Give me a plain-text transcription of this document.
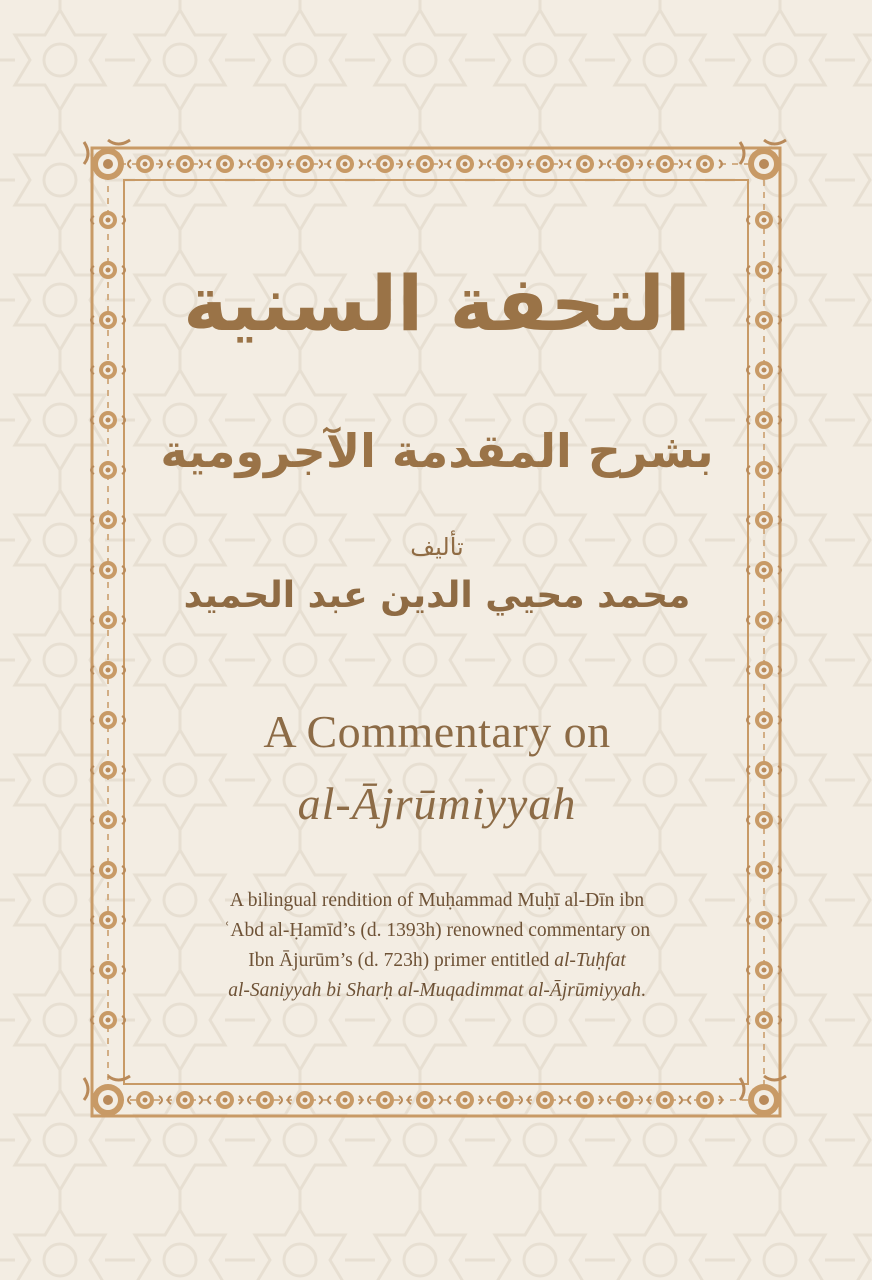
التحفة السنية
بشرح المقدمة الآجرومية
تأليف
محمد محيي الدين عبد الحميد
A Commentary on
al-Ājrūmiyyah
A bilingual rendition of Muḥammad Muḥī al-Dīn ibn
ʿAbd al-Ḥamīd’s (d. 1393h) renowned commentary on
Ibn Ājurūm’s (d. 723h) primer entitled al-Tuḥfat
al-Saniyyah bi Sharḥ al-Muqadimmat al-Ājrūmiyyah.
